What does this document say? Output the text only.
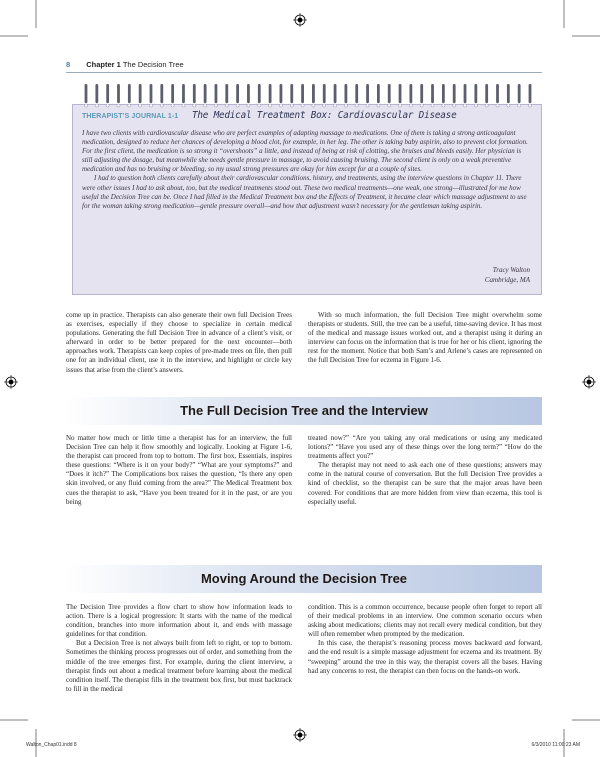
8 Chapter 1 The Decision Tree
THERAPIST’S JOURNAL 1-1 The Medical Treatment Box: Cardiovascular Disease

I have two clients with cardiovascular disease who are perfect examples of adapting massage to medications. One of them is taking a strong anticoagulant medication, designed to reduce her chances of developing a blood clot, for example, in her leg. The other is taking baby aspirin, also to prevent clot formation. For the first client, the medication is so strong it “overshoots” a little, and instead of being at risk of clotting, she bruises and bleeds easily. Her physician is still adjusting the dosage, but meanwhile she needs gentle pressure in massage, to avoid causing bruising. The second client is only on a weak preventive medication and has no bruising or bleeding, so my usual strong pressures are okay for him except for at a couple of sites.

I had to question both clients carefully about their cardiovascular conditions, history, and treatments, using the interview questions in Chapter 11. There were other issues I had to ask about, too, but the medical treatments stood out. These two medical treatments—one weak, one strong—illustrated for me how useful the Decision Tree can be. Once I had filled in the Medical Treatment box and the Effects of Treatment, it became clear which massage adjustment to use for the woman taking strong medication—gentle pressure overall—and how that adjustment wasn’t necessary for the gentleman taking aspirin.

Tracy Walton
Cambridge, MA

come up in practice. Therapists can also generate their own full Decision Trees as exercises, especially if they choose to specialize in certain medical populations. Generating the full Decision Tree in advance of a client’s visit, or afterward in order to be better prepared for the next encounter—both approaches work. Therapists can keep copies of pre-made trees on file, then pull one for an individual client, use it in the interview, and highlight or circle key issues that arise from the client’s answers.

With so much information, the full Decision Tree might overwhelm some therapists or students. Still, the tree can be a useful, time-saving device. It has most of the medical and massage issues worked out, and a therapist using it during an interview can focus on the information that is true for her or his client, ignoring the rest for the moment. Notice that both Sam’s and Arlene’s cases are represented on the full Decision Tree for eczema in Figure 1-6.

The Full Decision Tree and the Interview

No matter how much or little time a therapist has for an interview, the full Decision Tree can help it flow smoothly and logically. Looking at Figure 1-6, the therapist can proceed from top to bottom. The first box, Essentials, inspires these questions: “Where is it on your body?” “What are your symptoms?” and “Does it itch?” The Complications box raises the question, “Is there any open skin involved, or any fluid coming from the area?” The Medical Treatment box cues the therapist to ask, “Have you been treated for it in the past, or are you being

treated now?” “Are you taking any oral medications or using any medicated lotions?” “Have you used any of these things over the long term?” “How do the treatments affect you?”

The therapist may not need to ask each one of these questions; answers may come in the natural course of conversation. But the full Decision Tree provides a kind of checklist, so the therapist can be sure that the major areas have been covered. For conditions that are more hidden from view than eczema, this tool is especially useful.

Moving Around the Decision Tree

The Decision Tree provides a flow chart to show how information leads to action. There is a logical progression: It starts with the name of the medical condition, branches into more information about it, and ends with massage guidelines for that condition.

But a Decision Tree is not always built from left to right, or top to bottom. Sometimes the thinking process progresses out of order, and something from the middle of the tree emerges first. For example, during the client interview, a therapist finds out about a medical treatment before learning about the medical condition itself. The therapist fills in the treatment box first, but must backtrack to fill in the medical

condition. This is a common occurrence, because people often forget to report all of their medical problems in an interview. One common scenario occurs when asking about medications; clients may not recall every medical condition, but they will often remember when prompted by the medication.

In this case, the therapist’s reasoning process moves backward and forward, and the end result is a simple massage adjustment for eczema and its treatment. By “sweeping” around the tree in this way, the therapist covers all the bases. Having had any concerns to rest, the therapist can then focus on the hands-on work.

Walton_Chap01.indd 8	6/3/2010 11:00:23 AM
